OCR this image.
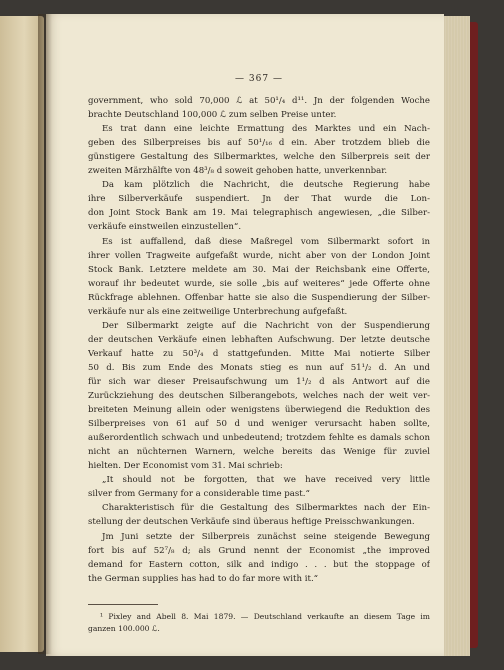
— 367 —
government, who sold 70,000 ℒ at 50¹/₄ d¹¹. Jn der folgenden Woche
brachte Deutschland 100,000 ℒ zum selben Preise unter.
Es trat dann eine leichte Ermattung des Marktes und ein Nach-
geben des Silberpreises bis auf 50¹/₁₆ d ein. Aber trotzdem blieb die
günstigere Gestaltung des Silbermarktes, welche den Silberpreis seit der
zweiten Märzhälfte von 48³/₈ d soweit gehoben hatte, unverkennbar.
Da kam plötzlich die Nachricht, die deutsche Regierung habe
ihre Silberverkäufe suspendiert. Jn der That wurde die Lon-
don Joint Stock Bank am 19. Mai telegraphisch angewiesen, „die Silber-
verkäufe einstweilen einzustellen“.
Es ist auffallend, daß diese Maßregel vom Silbermarkt sofort in
ihrer vollen Tragweite aufgefaßt wurde, nicht aber von der London Joint
Stock Bank. Letztere meldete am 30. Mai der Reichsbank eine Offerte,
worauf ihr bedeutet wurde, sie solle „bis auf weiteres“ jede Offerte ohne
Rückfrage ablehnen. Offenbar hatte sie also die Suspendierung der Silber-
verkäufe nur als eine zeitweilige Unterbrechung aufgefaßt.
Der Silbermarkt zeigte auf die Nachricht von der Suspendierung
der deutschen Verkäufe einen lebhaften Aufschwung. Der letzte deutsche
Verkauf hatte zu 50³/₄ d stattgefunden. Mitte Mai notierte Silber
50 d. Bis zum Ende des Monats stieg es nun auf 51¹/₂ d. An und
für sich war dieser Preisaufschwung um 1¹/₂ d als Antwort auf die
Zurückziehung des deutschen Silberangebots, welches nach der weit ver-
breiteten Meinung allein oder wenigstens überwiegend die Reduktion des
Silberpreises von 61 auf 50 d und weniger verursacht haben sollte,
außerordentlich schwach und unbedeutend; trotzdem fehlte es damals schon
nicht an nüchternen Warnern, welche bereits das Wenige für zuviel
hielten. Der Economist vom 31. Mai schrieb:
„It should not be forgotten, that we have received very little
silver from Germany for a considerable time past.“
Charakteristisch für die Gestaltung des Silbermarktes nach der Ein-
stellung der deutschen Verkäufe sind überaus heftige Preisschwankungen.
Jm Juni setzte der Silberpreis zunächst seine steigende Bewegung
fort bis auf 52⁷/₈ d; als Grund nennt der Economist „the improved
demand for Eastern cotton, silk and indigo . . . but the stoppage of
the German supplies has had to do far more with it.“
¹ Pixley and Abell 8. Mai 1879. — Deutschland verkaufte an diesem Tage im
ganzen 100.000 ℒ.
